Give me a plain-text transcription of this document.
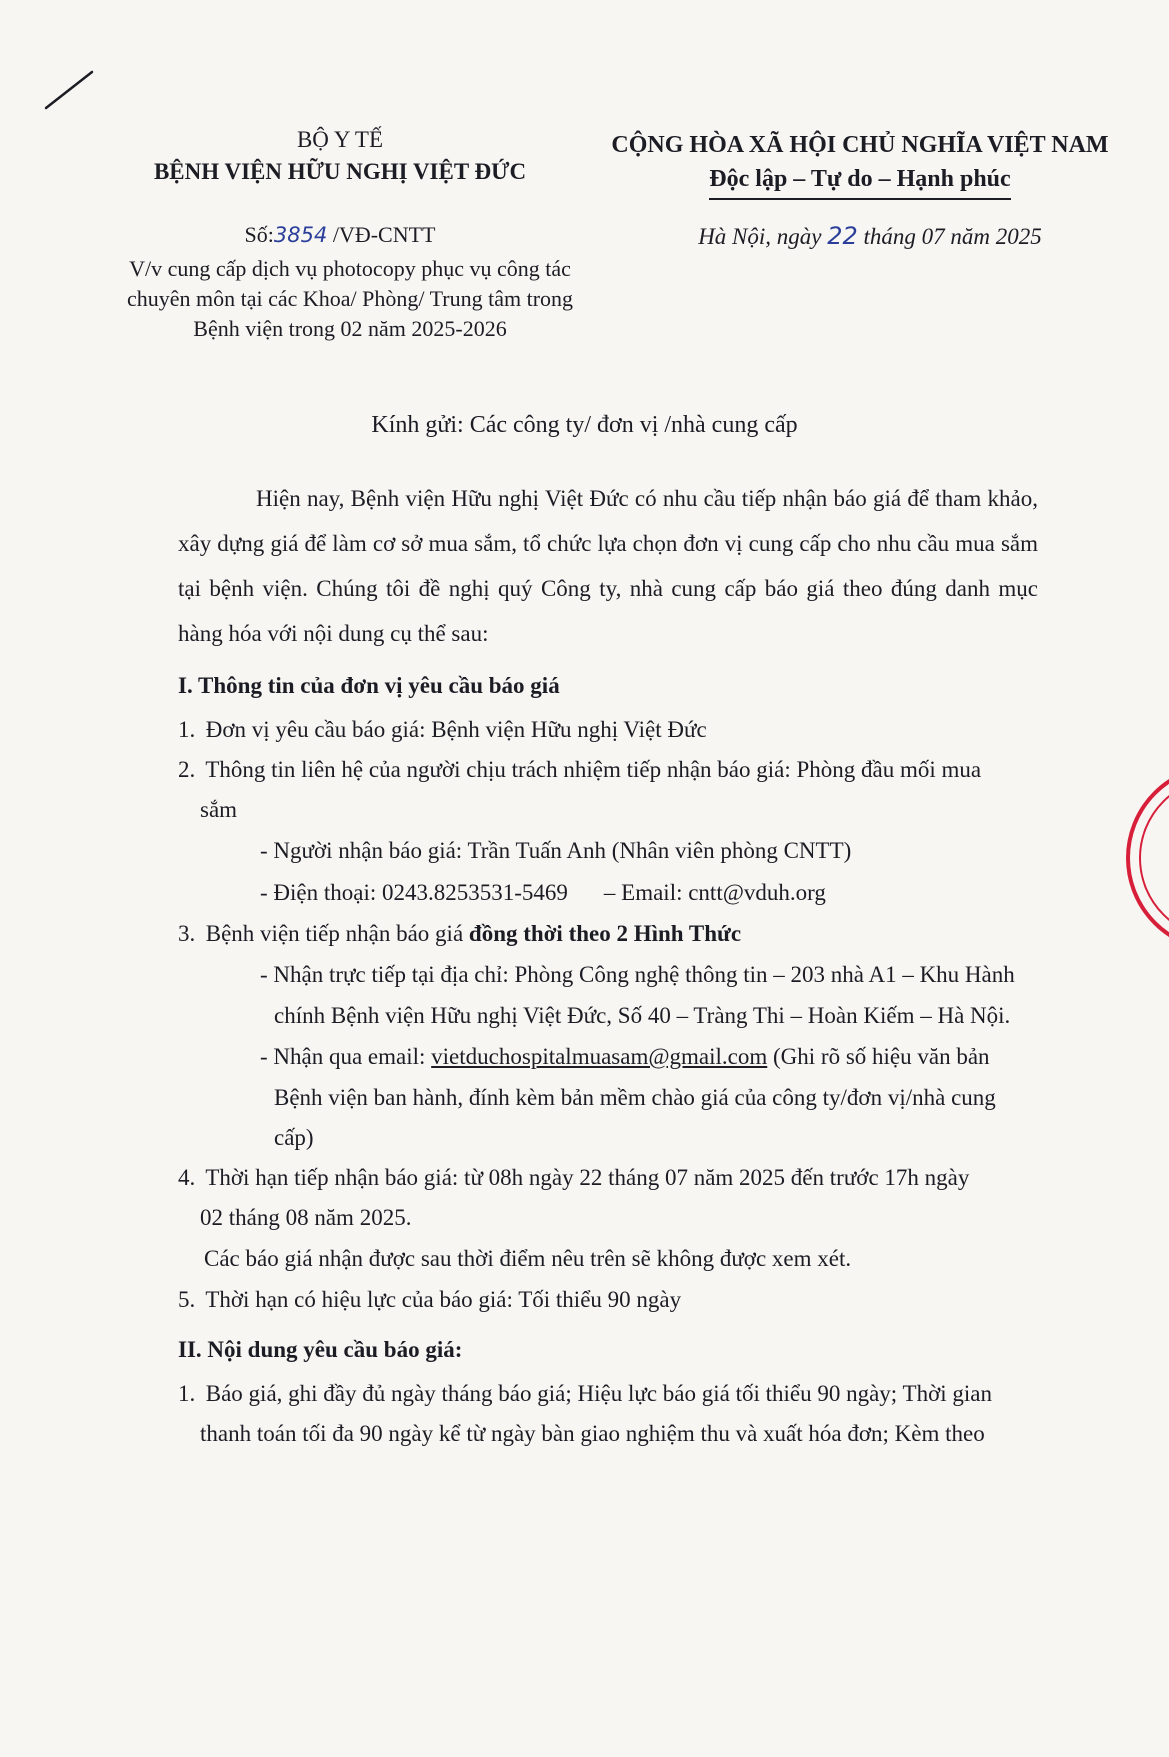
BỘ Y TẾ
BỆNH VIỆN HỮU NGHỊ VIỆT ĐỨC
CỘNG HÒA XÃ HỘI CHỦ NGHĨA VIỆT NAM
Độc lập – Tự do – Hạnh phúc
Số:3854 /VĐ-CNTT
V/v cung cấp dịch vụ photocopy phục vụ công tác
chuyên môn tại các Khoa/ Phòng/ Trung tâm trong
Bệnh viện trong 02 năm 2025-2026
Hà Nội, ngày 22 tháng 07 năm 2025
Kính gửi: Các công ty/ đơn vị /nhà cung cấp

Hiện nay, Bệnh viện Hữu nghị Việt Đức có nhu cầu tiếp nhận báo giá để tham khảo, xây dựng giá để làm cơ sở mua sắm, tổ chức lựa chọn đơn vị cung cấp cho nhu cầu mua sắm tại bệnh viện. Chúng tôi đề nghị quý Công ty, nhà cung cấp báo giá theo đúng danh mục hàng hóa với nội dung cụ thể sau:

I. Thông tin của đơn vị yêu cầu báo giá

1. Đơn vị yêu cầu báo giá: Bệnh viện Hữu nghị Việt Đức

2. Thông tin liên hệ của người chịu trách nhiệm tiếp nhận báo giá: Phòng đầu mối mua

sắm
- Người nhận báo giá: Trần Tuấn Anh (Nhân viên phòng CNTT)
- Điện thoại: 0243.8253531-5469 – Email: cntt@vduh.org

3. Bệnh viện tiếp nhận báo giá đồng thời theo 2 Hình Thức

- Nhận trực tiếp tại địa chỉ: Phòng Công nghệ thông tin – 203 nhà A1 – Khu Hành
chính Bệnh viện Hữu nghị Việt Đức, Số 40 – Tràng Thi – Hoàn Kiếm – Hà Nội.
- Nhận qua email: vietduchospitalmuasam@gmail.com (Ghi rõ số hiệu văn bản
Bệnh viện ban hành, đính kèm bản mềm chào giá của công ty/đơn vị/nhà cung
cấp)

4. Thời hạn tiếp nhận báo giá: từ 08h ngày 22 tháng 07 năm 2025 đến trước 17h ngày

02 tháng 08 năm 2025.
Các báo giá nhận được sau thời điểm nêu trên sẽ không được xem xét.

5. Thời hạn có hiệu lực của báo giá: Tối thiểu 90 ngày

II. Nội dung yêu cầu báo giá:

1. Báo giá, ghi đầy đủ ngày tháng báo giá; Hiệu lực báo giá tối thiểu 90 ngày; Thời gian

thanh toán tối đa 90 ngày kể từ ngày bàn giao nghiệm thu và xuất hóa đơn; Kèm theo
